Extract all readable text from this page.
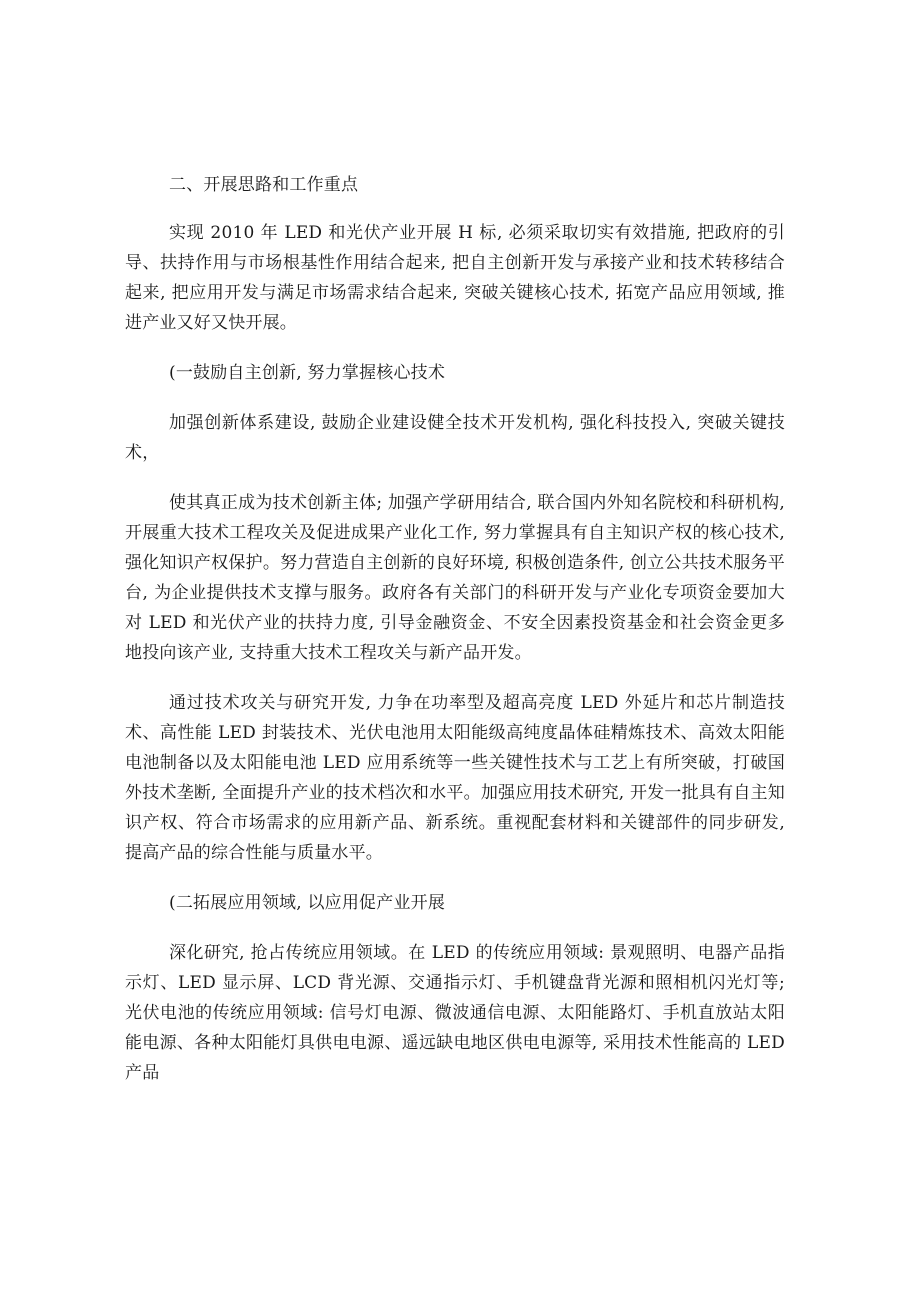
二、开展思路和工作重点

实现 2010 年 LED 和光伏产业开展 H 标, 必须采取切实有效措施, 把政府的引导、扶持作用与市场根基性作用结合起来, 把自主创新开发与承接产业和技术转移结合起来, 把应用开发与满足市场需求结合起来, 突破关键核心技术, 拓宽产品应用领域, 推进产业又好又快开展。

(一鼓励自主创新, 努力掌握核心技术

加强创新体系建设, 鼓励企业建设健全技术开发机构, 强化科技投入, 突破关键技术，

使其真正成为技术创新主体; 加强产学研用结合, 联合国内外知名院校和科研机构, 开展重大技术工程攻关及促进成果产业化工作, 努力掌握具有自主知识产权的核心技术, 强化知识产权保护。努力营造自主创新的良好环境, 积极创造条件, 创立公共技术服务平台, 为企业提供技术支撑与服务。政府各有关部门的科研开发与产业化专项资金要加大对 LED 和光伏产业的扶持力度, 引导金融资金、不安全因素投资基金和社会资金更多地投向该产业, 支持重大技术工程攻关与新产品开发。

通过技术攻关与研究开发, 力争在功率型及超高亮度 LED 外延片和芯片制造技术、高性能 LED 封装技术、光伏电池用太阳能级高纯度晶体硅精炼技术、高效太阳能电池制备以及太阳能电池 LED 应用系统等一些关键性技术与工艺上有所突破，打破国外技术垄断, 全面提升产业的技术档次和水平。加强应用技术研究, 开发一批具有自主知识产权、符合市场需求的应用新产品、新系统。重视配套材料和关键部件的同步研发, 提高产品的综合性能与质量水平。

(二拓展应用领域, 以应用促产业开展

深化研究, 抢占传统应用领域。在 LED 的传统应用领域: 景观照明、电器产品指示灯、LED 显示屏、LCD 背光源、交通指示灯、手机键盘背光源和照相机闪光灯等; 光伏电池的传统应用领域: 信号灯电源、微波通信电源、太阳能路灯、手机直放站太阳能电源、各种太阳能灯具供电电源、遥远缺电地区供电电源等, 采用技术性能高的 LED 产品
